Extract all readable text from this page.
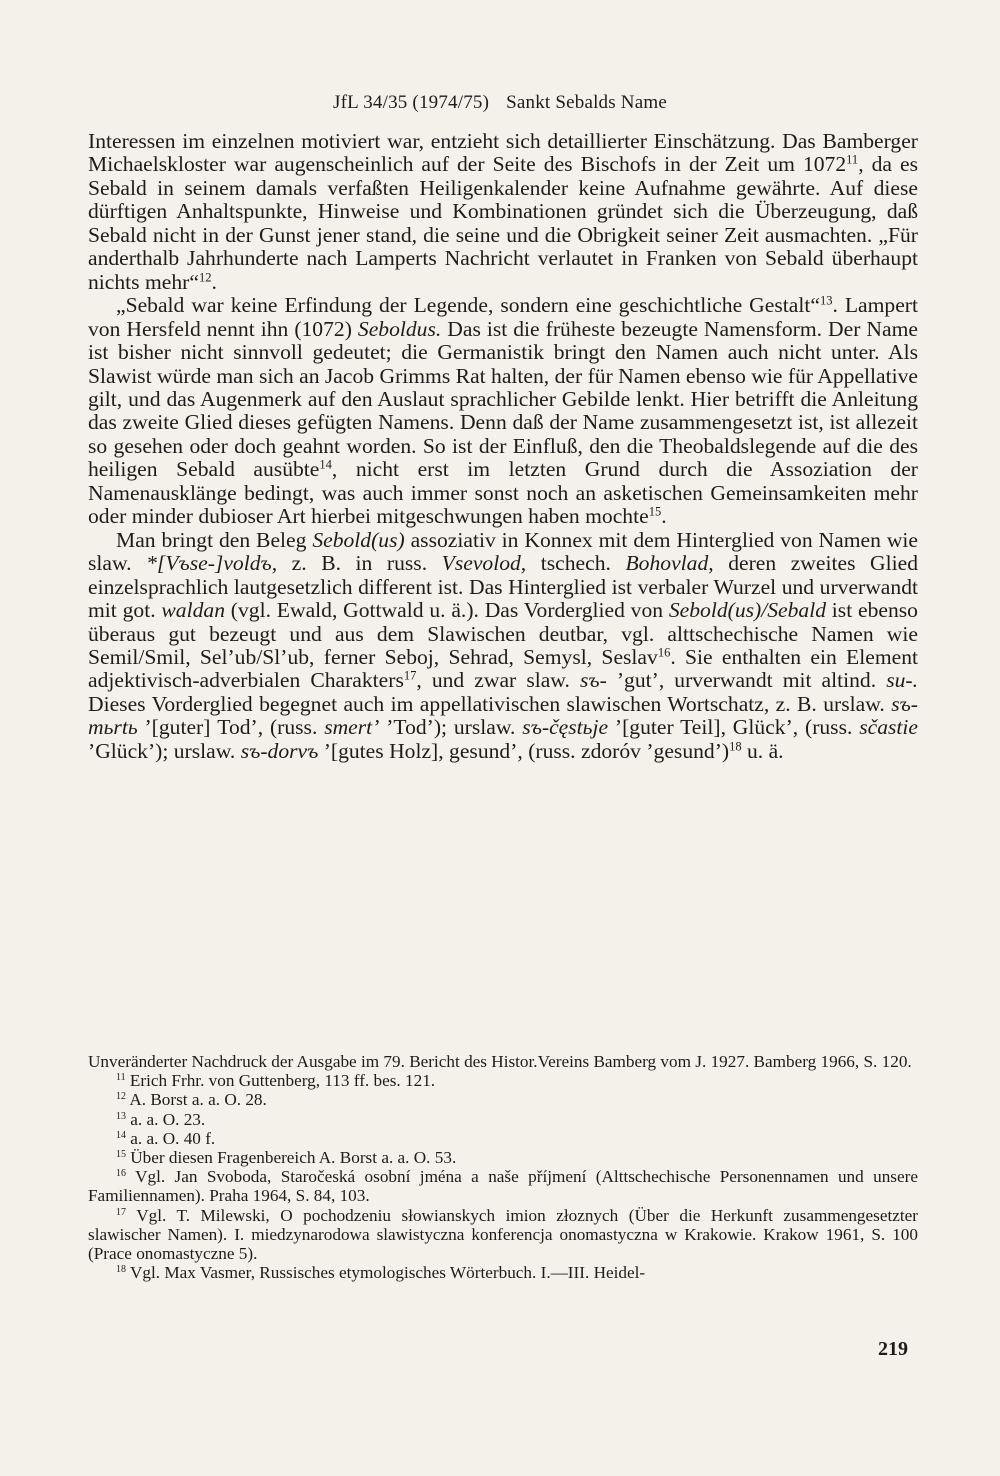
JfL 34/35 (1974/75) Sankt Sebalds Name

Interessen im einzelnen motiviert war, entzieht sich detaillierter Einschätzung. Das Bamberger Michaelskloster war augenscheinlich auf der Seite des Bischofs in der Zeit um 1072$^{11}$, da es Sebald in seinem damals verfaßten Heiligenkalender keine Aufnahme gewährte. Auf diese dürftigen Anhaltspunkte, Hinweise und Kombinationen gründet sich die Überzeugung, daß Sebald nicht in der Gunst jener stand, die seine und die Obrigkeit seiner Zeit ausmachten. „Für anderthalb Jahrhunderte nach Lamperts Nachricht verlautet in Franken von Sebald überhaupt nichts mehr“$^{12}$.

„Sebald war keine Erfindung der Legende, sondern eine geschichtliche Gestalt“$^{13}$. Lampert von Hersfeld nennt ihn (1072) Seboldus. Das ist die früheste bezeugte Namensform. Der Name ist bisher nicht sinnvoll gedeutet; die Germanistik bringt den Namen auch nicht unter. Als Slawist würde man sich an Jacob Grimms Rat halten, der für Namen ebenso wie für Appellative gilt, und das Augenmerk auf den Auslaut sprachlicher Gebilde lenkt. Hier betrifft die Anleitung das zweite Glied dieses gefügten Namens. Denn daß der Name zusammengesetzt ist, ist allezeit so gesehen oder doch geahnt worden. So ist der Einfluß, den die Theobaldslegende auf die des heiligen Sebald ausübte$^{14}$, nicht erst im letzten Grund durch die Assoziation der Namenausklänge bedingt, was auch immer sonst noch an asketischen Gemeinsamkeiten mehr oder minder dubioser Art hierbei mitgeschwungen haben mochte$^{15}$.

Man bringt den Beleg Sebold(us) assoziativ in Konnex mit dem Hinterglied von Namen wie slaw. *[Vъse-]voldъ, z. B. in russ. Vsevolod, tschech. Bohovlad, deren zweites Glied einzelsprachlich lautgesetzlich different ist. Das Hinterglied ist verbaler Wurzel und urverwandt mit got. waldan (vgl. Ewald, Gottwald u. ä.). Das Vorderglied von Sebold(us)/Sebald ist ebenso überaus gut bezeugt und aus dem Slawischen deutbar, vgl. alttschechische Namen wie Semil/Smil, Sel’ub/Sl’ub, ferner Seboj, Sehrad, Semysl, Seslav$^{16}$. Sie enthalten ein Element adjektivisch-adverbialen Charakters$^{17}$, und zwar slaw. sъ- ’gut’, urverwandt mit altind. su-. Dieses Vorderglied begegnet auch im appellativischen slawischen Wortschatz, z. B. urslaw. sъ-mьrtь ’[guter] Tod’, (russ. smert’ ’Tod’); urslaw. sъ-čęstьje ’[guter Teil], Glück’, (russ. sčastie ’Glück’); urslaw. sъ-dorvъ ’[gutes Holz], gesund’, (russ. zdoróv ’gesund’)$^{18}$ u. ä.

Unveränderter Nachdruck der Ausgabe im 79. Bericht des Histor.Vereins Bamberg vom J. 1927. Bamberg 1966, S. 120.

$^{11}$ Erich Frhr. von Guttenberg, 113 ff. bes. 121.

$^{12}$ A. Borst a. a. O. 28.

$^{13}$ a. a. O. 23.

$^{14}$ a. a. O. 40 f.

$^{15}$ Über diesen Fragenbereich A. Borst a. a. O. 53.

$^{16}$ Vgl. Jan Svoboda, Staročeská osobní jména a naše příjmení (Alttschechische Personennamen und unsere Familiennamen). Praha 1964, S. 84, 103.

$^{17}$ Vgl. T. Milewski, O pochodzeniu słowianskych imion złoznych (Über die Herkunft zusammengesetzter slawischer Namen). I. miedzynarodowa slawistyczna konferencja onomastyczna w Krakowie. Krakow 1961, S. 100 (Prace onomastyczne 5).

$^{18}$ Vgl. Max Vasmer, Russisches etymologisches Wörterbuch. I.—III. Heidel-

219
